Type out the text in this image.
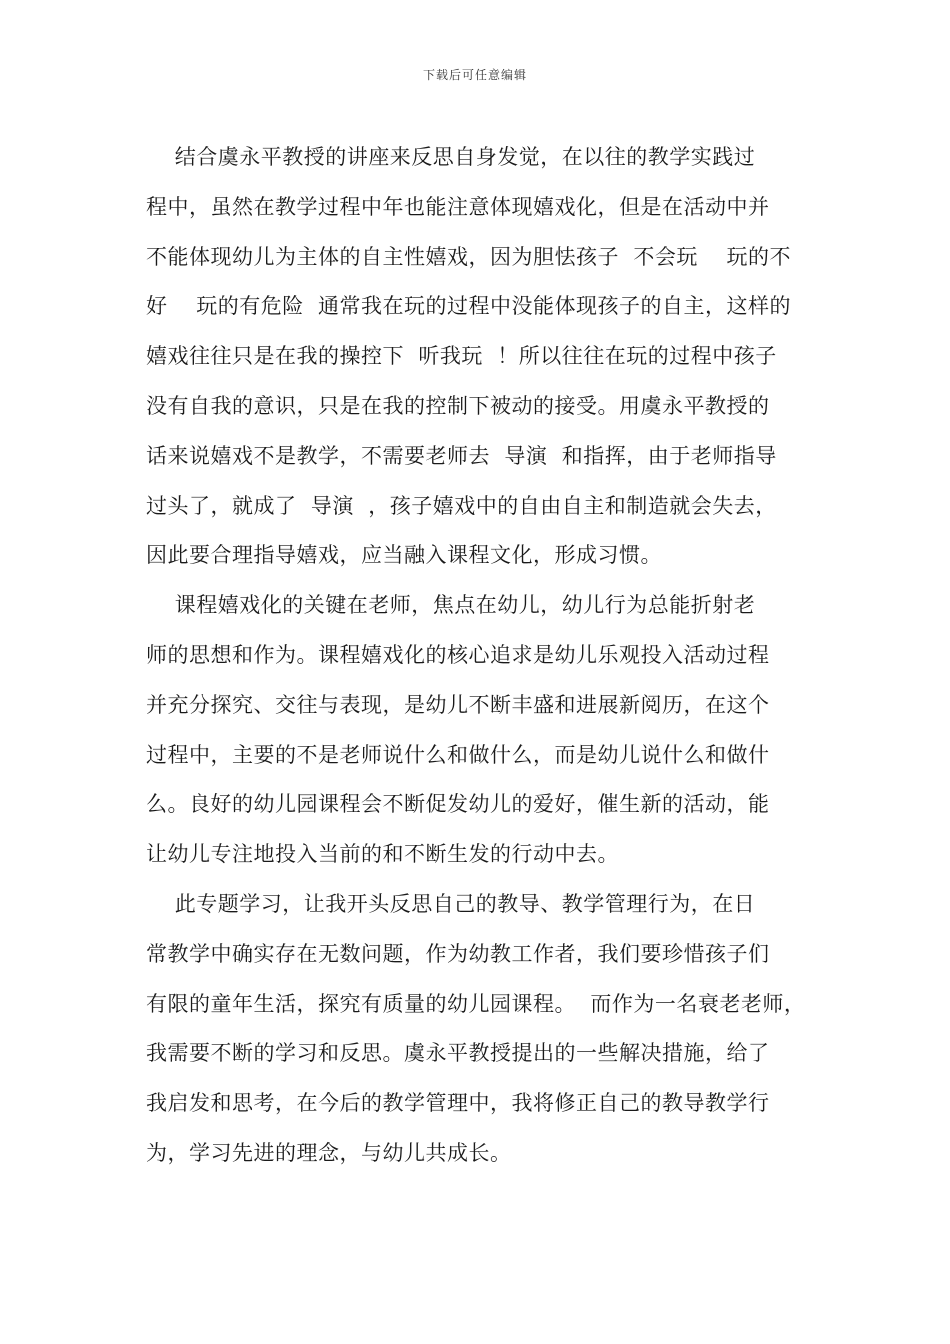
下载后可任意编辑
结合虞永平教授的讲座来反思自身发觉，在以往的教学实践过
程中，虽然在教学过程中年也能注意体现嬉戏化，但是在活动中并
不能体现幼儿为主体的自主性嬉戏，因为胆怯孩子  不会玩    玩的不
好    玩的有危险  通常我在玩的过程中没能体现孩子的自主，这样的
嬉戏往往只是在我的操控下  听我玩  ！所以往往在玩的过程中孩子
没有自我的意识，只是在我的控制下被动的接受。用虞永平教授的
话来说嬉戏不是教学，不需要老师去  导演  和指挥，由于老师指导
过头了，就成了  导演  ，孩子嬉戏中的自由自主和制造就会失去，
因此要合理指导嬉戏，应当融入课程文化，形成习惯。
课程嬉戏化的关键在老师，焦点在幼儿，幼儿行为总能折射老
师的思想和作为。课程嬉戏化的核心追求是幼儿乐观投入活动过程
并充分探究、交往与表现，是幼儿不断丰盛和进展新阅历，在这个
过程中，主要的不是老师说什么和做什么，而是幼儿说什么和做什
么。良好的幼儿园课程会不断促发幼儿的爱好，催生新的活动，能
让幼儿专注地投入当前的和不断生发的行动中去。
此专题学习，让我开头反思自己的教导、教学管理行为，在日
常教学中确实存在无数问题，作为幼教工作者，我们要珍惜孩子们
有限的童年生活，探究有质量的幼儿园课程。  而作为一名衰老老师，
我需要不断的学习和反思。虞永平教授提出的一些解决措施，给了
我启发和思考，在今后的教学管理中，我将修正自己的教导教学行
为，学习先进的理念，与幼儿共成长。
